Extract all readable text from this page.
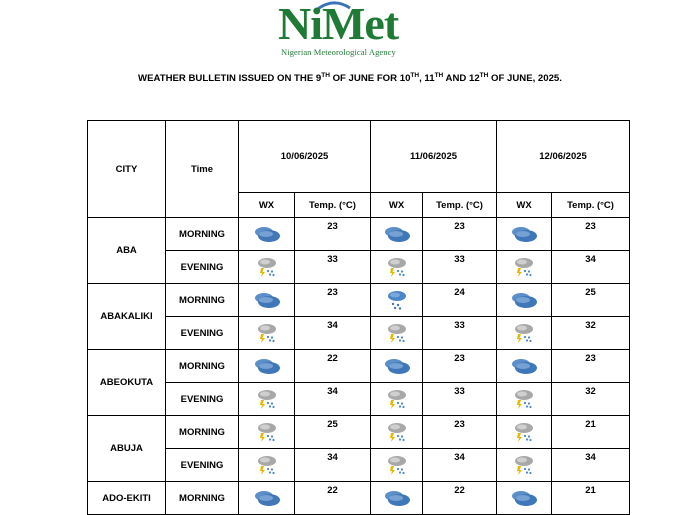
NiMet
Nigerian Meteorological Agency
WEATHER BULLETIN ISSUED ON THE 9TH OF JUNE FOR 10TH, 11TH AND 12TH OF JUNE, 2025.
CITY	Time	10/06/2025		11/06/2025		12/06/2025	
		WX	Temp. (°C)	WX	Temp. (°C)	WX	Temp. (°C)
ABA	MORNING		23		23		23
	EVENING		33		33		34
ABAKALIKI	MORNING		23		24		25
	EVENING		34		33		32
ABEOKUTA	MORNING		22		23		23
	EVENING		34		33		32
ABUJA	MORNING		25		23		21
	EVENING		34		34		34
ADO-EKITI	MORNING		22		22		21
